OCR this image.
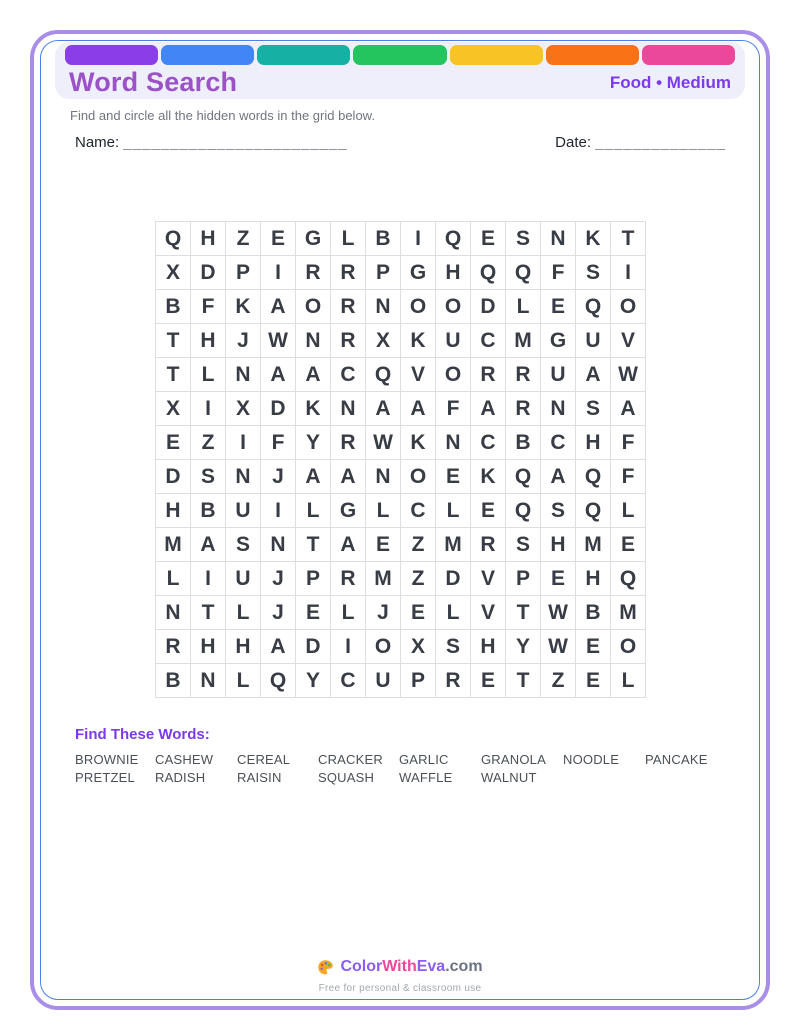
Word Search	Food • Medium
Find and circle all the hidden words in the grid below.
Name: ________________________	Date: ______________
Q H	Z	E G L	B	I	Q E S N K	T
X D P	I	R R P G H Q Q F	S	I
B	F	K A O R N O O D	L	E Q O
T	H	J W N R X K U C M G U V
T	L	N A A C Q V O R R U A W
X	I	X D K N A A	F	A R N S A
E	Z	I	F	Y R W K N C B C H	F
D S N	J	A A N O E K Q A Q F
H B U	I	L G L	C	L	E Q S Q L
M A S N	T	A E	Z M R S H M E
L	I	U	J	P R M Z	D V P E H Q
N	T	L	J	E	L	J	E	L	V	T W B M
R H H A D	I	O X S H Y W E O
B N	L Q Y C U P R E	T	Z	E	L
Find These Words:
BROWNIE	CASHEW	CEREAL	CRACKER	GARLIC	GRANOLA	NOODLE	PANCAKE
PRETZEL	RADISH	RAISIN	SQUASH	WAFFLE	WALNUT
ColorWithEva.com
Free for personal & classroom use
